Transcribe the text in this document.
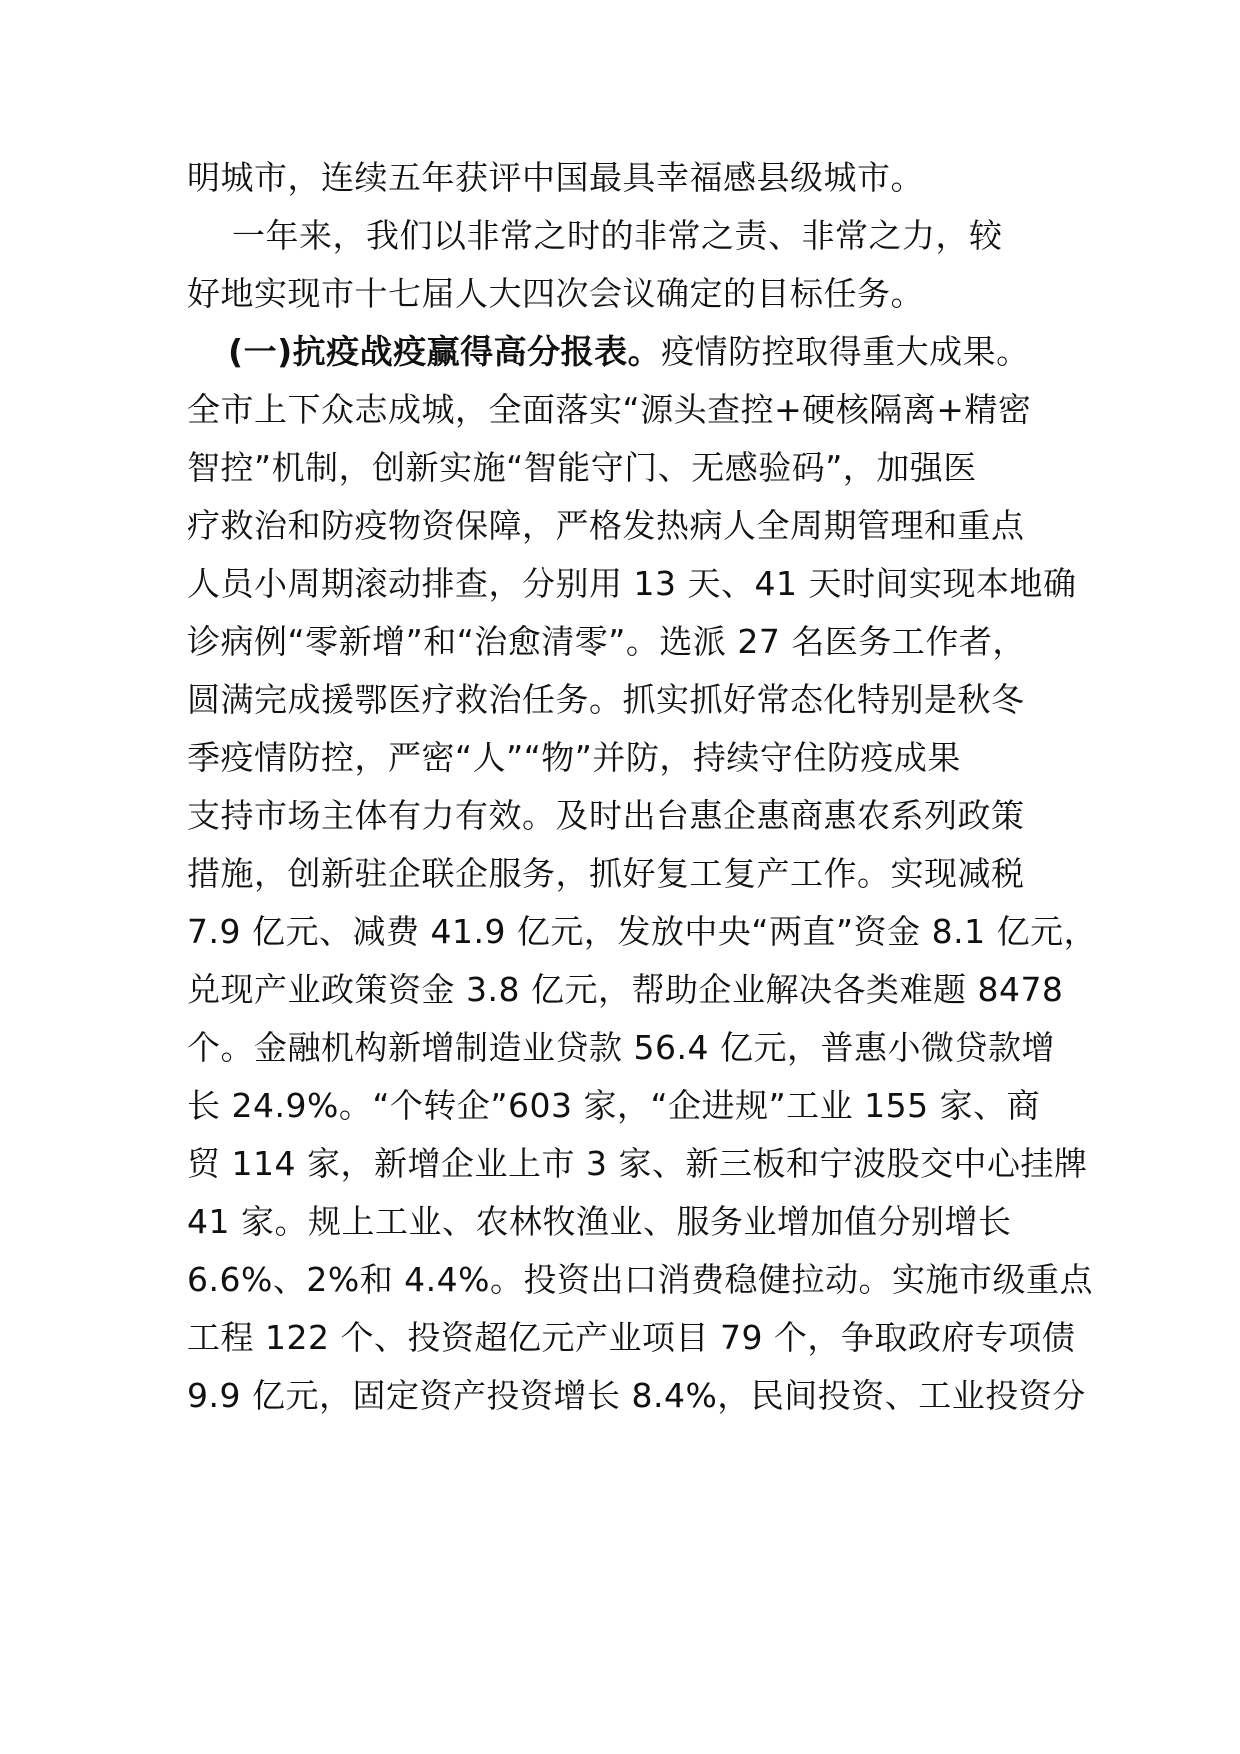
明城市，连续五年获评中国最具幸福感县级城市。
一年来，我们以非常之时的非常之责、非常之力，较
好地实现市十七届人大四次会议确定的目标任务。
(一)抗疫战疫赢得高分报表。疫情防控取得重大成果。
全市上下众志成城，全面落实“源头查控+硬核隔离+精密
智控”机制，创新实施“智能守门、无感验码”，加强医
疗救治和防疫物资保障，严格发热病人全周期管理和重点
人员小周期滚动排查，分别用 13 天、41 天时间实现本地确
诊病例“零新增”和“治愈清零”。选派 27 名医务工作者，
圆满完成援鄂医疗救治任务。抓实抓好常态化特别是秋冬
季疫情防控，严密“人”“物”并防，持续守住防疫成果
支持市场主体有力有效。及时出台惠企惠商惠农系列政策
措施，创新驻企联企服务，抓好复工复产工作。实现减税
7.9 亿元、减费 41.9 亿元，发放中央“两直”资金 8.1 亿元，
兑现产业政策资金 3.8 亿元，帮助企业解决各类难题 8478
个。金融机构新增制造业贷款 56.4 亿元，普惠小微贷款增
长 24.9%。“个转企”603 家，“企进规”工业 155 家、商
贸 114 家，新增企业上市 3 家、新三板和宁波股交中心挂牌
41 家。规上工业、农林牧渔业、服务业增加值分别增长
6.6%、2%和 4.4%。投资出口消费稳健拉动。实施市级重点
工程 122 个、投资超亿元产业项目 79 个，争取政府专项债
9.9 亿元，固定资产投资增长 8.4%，民间投资、工业投资分
